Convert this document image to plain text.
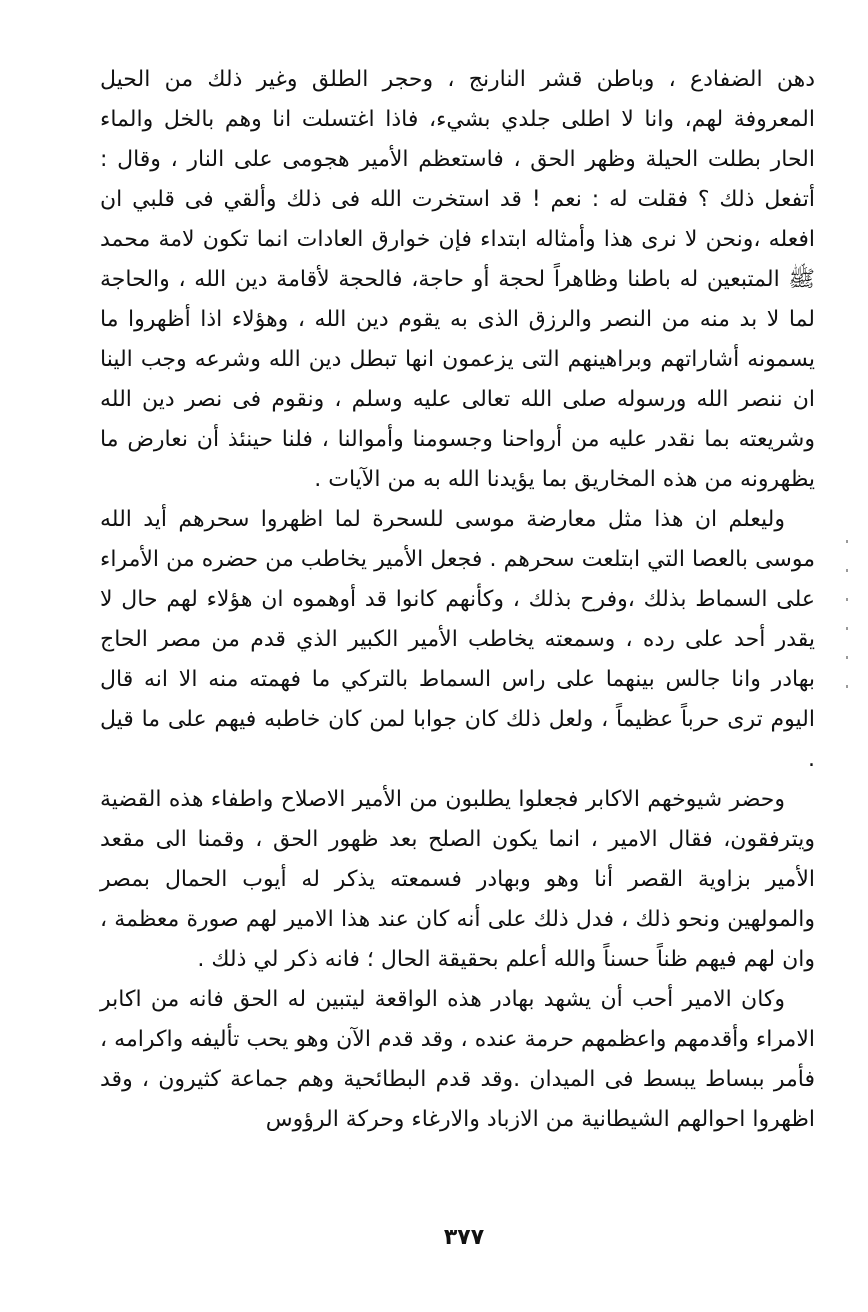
دهن الضفادع ، وباطن قشر النارنج ، وحجر الطلق وغير ذلك من الحيل المعروفة لهم، وانا لا اطلى جلدي بشيء، فاذا اغتسلت انا وهم بالخل والماء الحار بطلت الحيلة وظهر الحق ، فاستعظم الأمير هجومى على النار ، وقال : أتفعل ذلك ؟ فقلت له : نعم ! قد استخرت الله فى ذلك وألقي فى قلبي ان افعله ،ونحن لا نرى هذا وأمثاله ابتداء فإن خوارق العادات انما تكون لامة محمد ﷺ المتبعين له باطنا وظاهراً لحجة أو حاجة، فالحجة لأقامة دين الله ، والحاجة لما لا بد منه من النصر والرزق الذى به يقوم دين الله ، وهؤلاء اذا أظهروا ما يسمونه أشاراتهم وبراهينهم التى يزعمون انها تبطل دين الله وشرعه وجب الينا ان ننصر الله ورسوله صلى الله تعالى عليه وسلم ، ونقوم فى نصر دين الله وشريعته بما نقدر عليه من أرواحنا وجسومنا وأموالنا ، فلنا حينئذ أن نعارض ما يظهرونه من هذه المخاريق بما يؤيدنا الله به من الآيات .

وليعلم ان هذا مثل معارضة موسى للسحرة لما اظهروا سحرهم أيد الله موسى بالعصا التي ابتلعت سحرهم . فجعل الأمير يخاطب من حضره من الأمراء على السماط بذلك ،وفرح بذلك ، وكأنهم كانوا قد أوهموه ان هؤلاء لهم حال لا يقدر أحد على رده ، وسمعته يخاطب الأمير الكبير الذي قدم من مصر الحاج بهادر وانا جالس بينهما على راس السماط بالتركي ما فهمته منه الا انه قال اليوم ترى حرباً عظيماً ، ولعل ذلك كان جوابا لمن كان خاطبه فيهم على ما قيل .

وحضر شيوخهم الاكابر فجعلوا يطلبون من الأمير الاصلاح واطفاء هذه القضية ويترفقون، فقال الامير ، انما يكون الصلح بعد ظهور الحق ، وقمنا الى مقعد الأمير بزاوية القصر أنا وهو وبهادر فسمعته يذكر له أيوب الحمال بمصر والمولهين ونحو ذلك ، فدل ذلك على أنه كان عند هذا الامير لهم صورة معظمة ، وان لهم فيهم ظناً حسناً والله أعلم بحقيقة الحال ؛ فانه ذكر لي ذلك .

وكان الامير أحب أن يشهد بهادر هذه الواقعة ليتبين له الحق فانه من اكابر الامراء وأقدمهم واعظمهم حرمة عنده ، وقد قدم الآن وهو يحب تأليفه واكرامه ، فأمر ببساط يبسط فى الميدان .وقد قدم البطائحية وهم جماعة كثيرون ، وقد اظهروا احوالهم الشيطانية من الازباد والارغاء وحركة الرؤوس

٣٧٧
